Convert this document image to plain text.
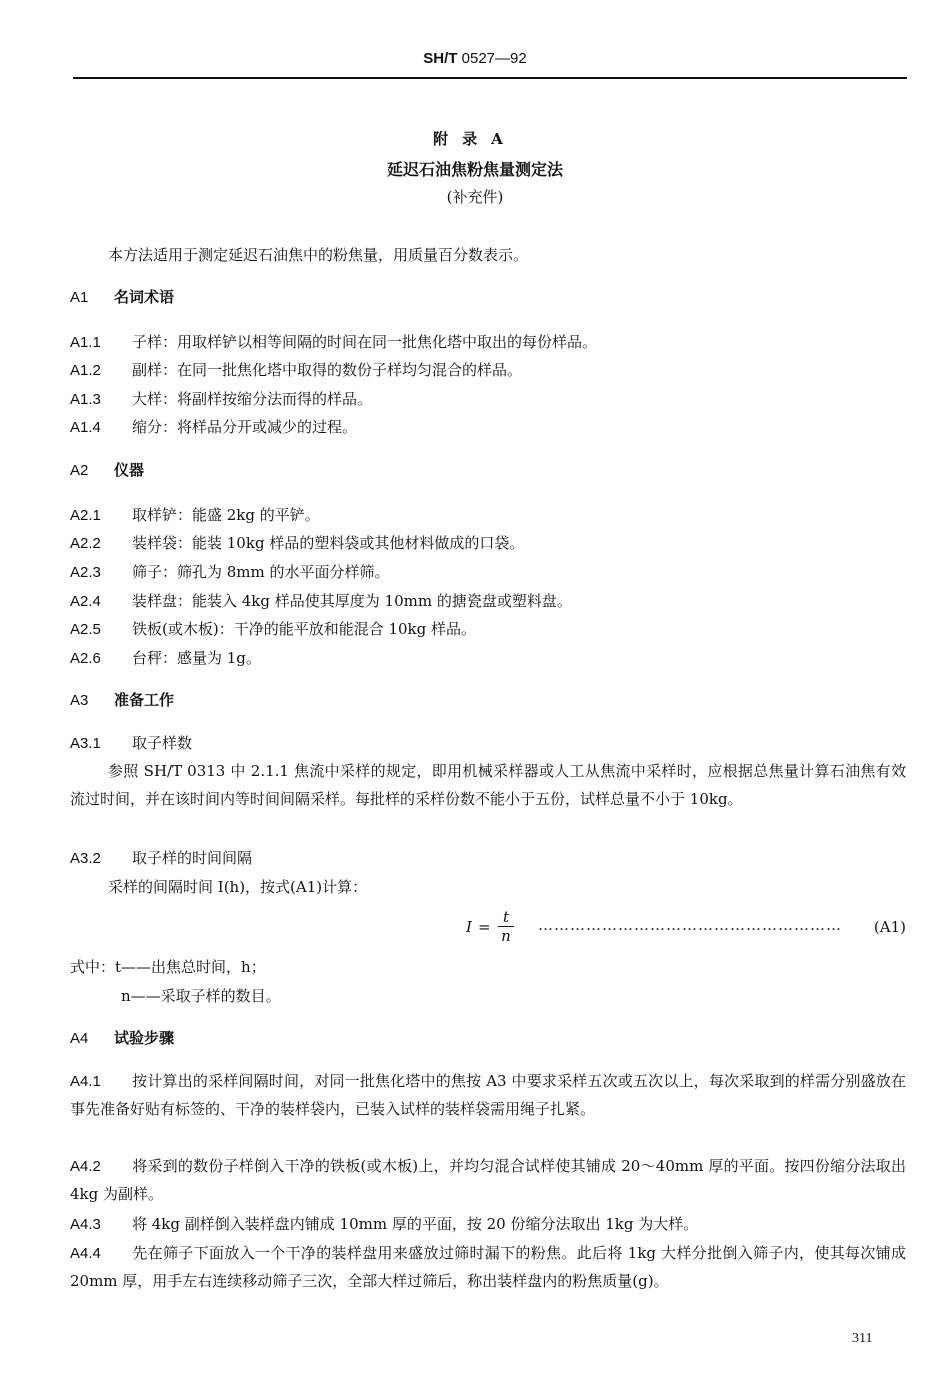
SH/T 0527—92
附录A
延迟石油焦粉焦量测定法
(补充件)
本方法适用于测定延迟石油焦中的粉焦量，用质量百分数表示。
A1 名词术语
A1.1 子样：用取样铲以相等间隔的时间在同一批焦化塔中取出的每份样品。
A1.2 副样：在同一批焦化塔中取得的数份子样均匀混合的样品。
A1.3 大样：将副样按缩分法而得的样品。
A1.4 缩分：将样品分开或减少的过程。
A2 仪器
A2.1 取样铲：能盛 2kg 的平铲。
A2.2 装样袋：能装 10kg 样品的塑料袋或其他材料做成的口袋。
A2.3 筛子：筛孔为 8mm 的水平面分样筛。
A2.4 装样盘：能装入 4kg 样品使其厚度为 10mm 的搪瓷盘或塑料盘。
A2.5 铁板(或木板)：干净的能平放和能混合 10kg 样品。
A2.6 台秤：感量为 1g。
A3 准备工作
A3.1 取子样数
参照 SH/T 0313 中 2.1.1 焦流中采样的规定，即用机械采样器或人工从焦流中采样时，应根据总焦量计算石油焦有效流过时间，并在该时间内等时间间隔采样。每批样的采样份数不能小于五份，试样总量不小于 10kg。
A3.2 取子样的时间间隔
采样的间隔时间 I(h)，按式(A1)计算：
I =
t
n
………………………………………………… (A1)
式中：t——出焦总时间，h；
n——采取子样的数目。
A4 试验步骤
A4.1 按计算出的采样间隔时间，对同一批焦化塔中的焦按 A3 中要求采样五次或五次以上，每次采取到的样需分别盛放在事先准备好贴有标签的、干净的装样袋内，已装入试样的装样袋需用绳子扎紧。
A4.2 将采到的数份子样倒入干净的铁板(或木板)上，并均匀混合试样使其铺成 20～40mm 厚的平面。按四份缩分法取出 4kg 为副样。
A4.3 将 4kg 副样倒入装样盘内铺成 10mm 厚的平面，按 20 份缩分法取出 1kg 为大样。
A4.4 先在筛子下面放入一个干净的装样盘用来盛放过筛时漏下的粉焦。此后将 1kg 大样分批倒入筛子内，使其每次铺成 20mm 厚，用手左右连续移动筛子三次，全部大样过筛后，称出装样盘内的粉焦质量(g)。
311
